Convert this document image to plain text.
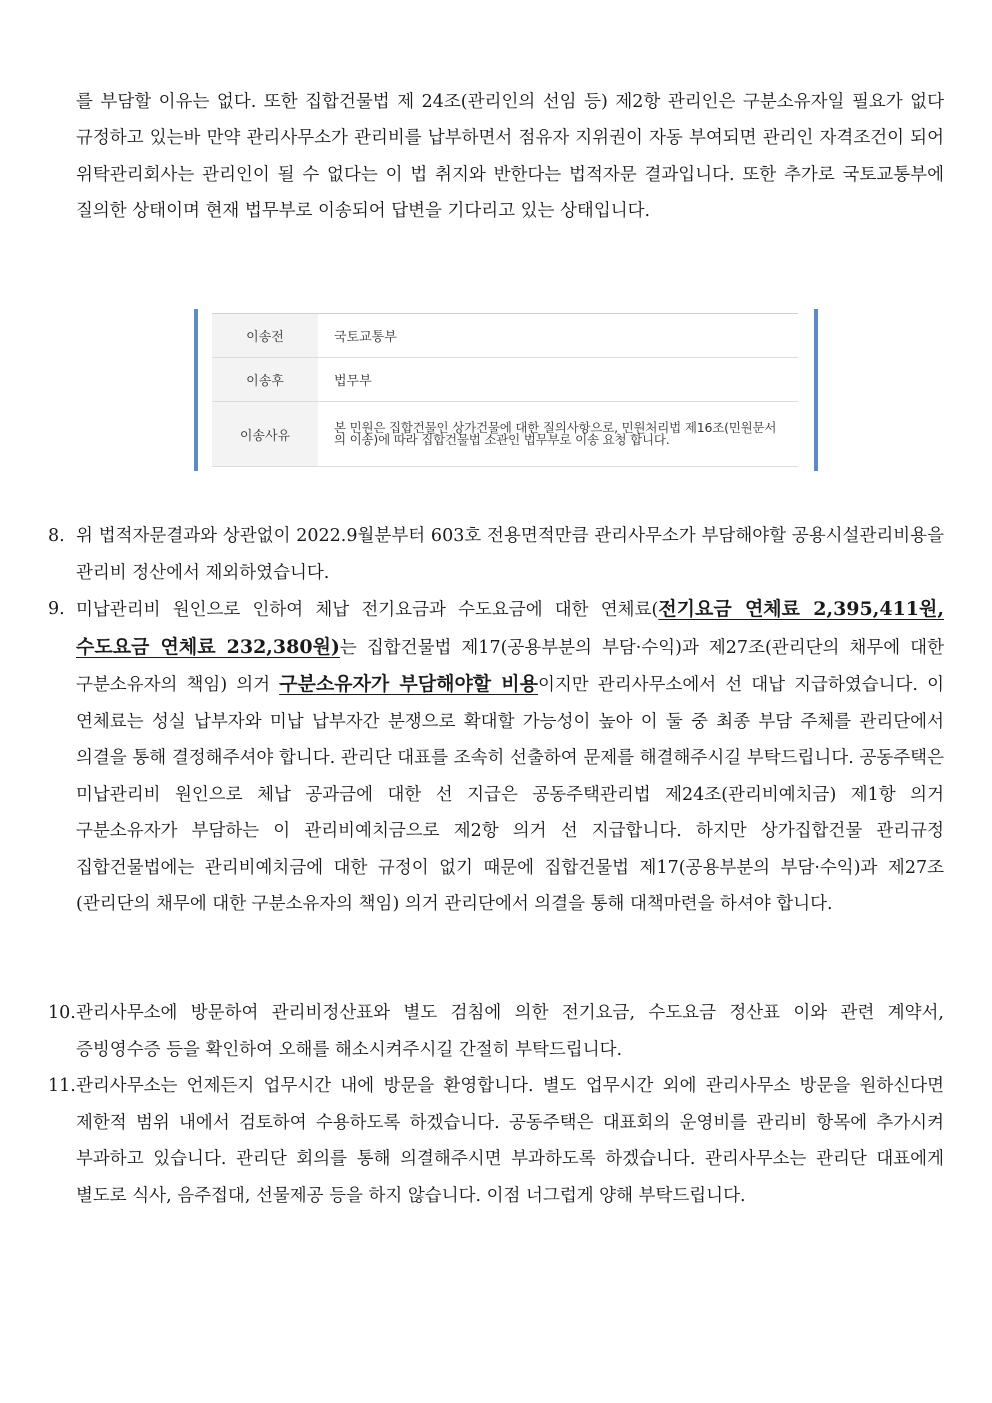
를 부담할 이유는 없다. 또한 집합건물법 제 24조(관리인의 선임 등) 제2항 관리인은 구분소유자일 필요가 없다 규정하고 있는바 만약 관리사무소가 관리비를 납부하면서 점유자 지위권이 자동 부여되면 관리인 자격조건이 되어 위탁관리회사는 관리인이 될 수 없다는 이 법 취지와 반한다는 법적자문 결과입니다. 또한 추가로 국토교통부에 질의한 상태이며 현재 법무부로 이송되어 답변을 기다리고 있는 상태입니다.

이송전	국토교통부
이송후	법무부
이송사유	본 민원은 집합건물인 상가건물에 대한 질의사항으로, 민원처리법 제16조(민원문서의 이송)에 따라 집합건물법 소관인 법무부로 이송 요청 합니다.
8. 위 법적자문결과와 상관없이 2022.9월분부터 603호 전용면적만큼 관리사무소가 부담해야할 공용시설관리비용을 관리비 정산에서 제외하였습니다.
9. 미납관리비 원인으로 인하여 체납 전기요금과 수도요금에 대한 연체료(전기요금 연체료 2,395,411원, 수도요금 연체료 232,380원)는 집합건물법 제17(공용부분의 부담·수익)과 제27조(관리단의 채무에 대한 구분소유자의 책임) 의거 구분소유자가 부담해야할 비용이지만 관리사무소에서 선 대납 지급하였습니다. 이 연체료는 성실 납부자와 미납 납부자간 분쟁으로 확대할 가능성이 높아 이 둘 중 최종 부담 주체를 관리단에서 의결을 통해 결정해주셔야 합니다. 관리단 대표를 조속히 선출하여 문제를 해결해주시길 부탁드립니다. 공동주택은 미납관리비 원인으로 체납 공과금에 대한 선 지급은 공동주택관리법 제24조(관리비예치금) 제1항 의거 구분소유자가 부담하는 이 관리비예치금으로 제2항 의거 선 지급합니다. 하지만 상가집합건물 관리규정 집합건물법에는 관리비예치금에 대한 규정이 없기 때문에 집합건물법 제17(공용부분의 부담·수익)과 제27조(관리단의 채무에 대한 구분소유자의 책임) 의거 관리단에서 의결을 통해 대책마련을 하셔야 합니다.
10. 관리사무소에 방문하여 관리비정산표와 별도 검침에 의한 전기요금, 수도요금 정산표 이와 관련 계약서, 증빙영수증 등을 확인하여 오해를 해소시켜주시길 간절히 부탁드립니다.
11. 관리사무소는 언제든지 업무시간 내에 방문을 환영합니다. 별도 업무시간 외에 관리사무소 방문을 원하신다면 제한적 범위 내에서 검토하여 수용하도록 하겠습니다. 공동주택은 대표회의 운영비를 관리비 항목에 추가시켜 부과하고 있습니다. 관리단 회의를 통해 의결해주시면 부과하도록 하겠습니다. 관리사무소는 관리단 대표에게 별도로 식사, 음주접대, 선물제공 등을 하지 않습니다. 이점 너그럽게 양해 부탁드립니다.
